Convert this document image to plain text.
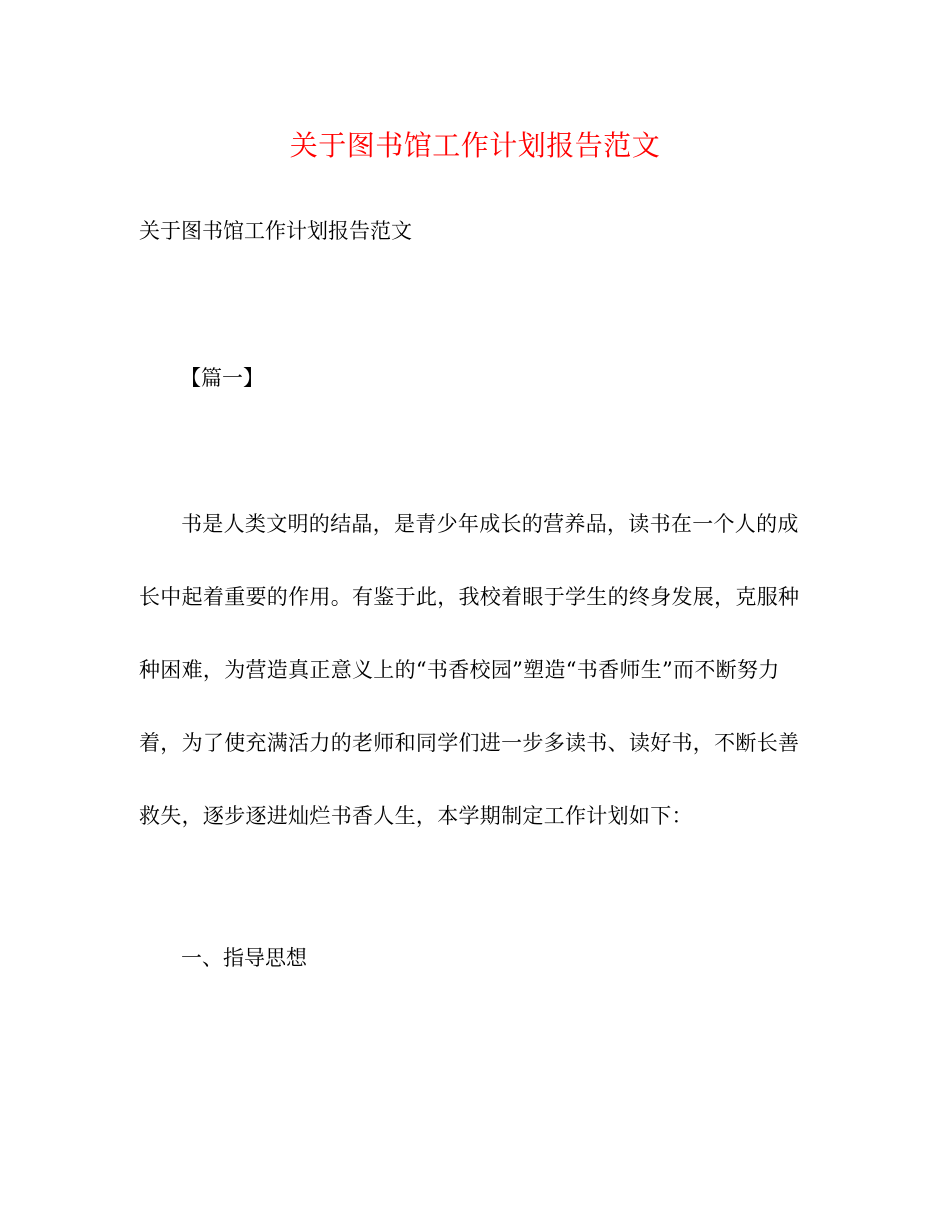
关于图书馆工作计划报告范文
关于图书馆工作计划报告范文
【篇一】
书是人类文明的结晶，是青少年成长的营养品，读书在一个人的成
长中起着重要的作用。有鉴于此，我校着眼于学生的终身发展，克服种
种困难，为营造真正意义上的“书香校园”塑造“书香师生”而不断努力
着，为了使充满活力的老师和同学们进一步多读书、读好书，不断长善
救失，逐步逐进灿烂书香人生，本学期制定工作计划如下：
一、指导思想
